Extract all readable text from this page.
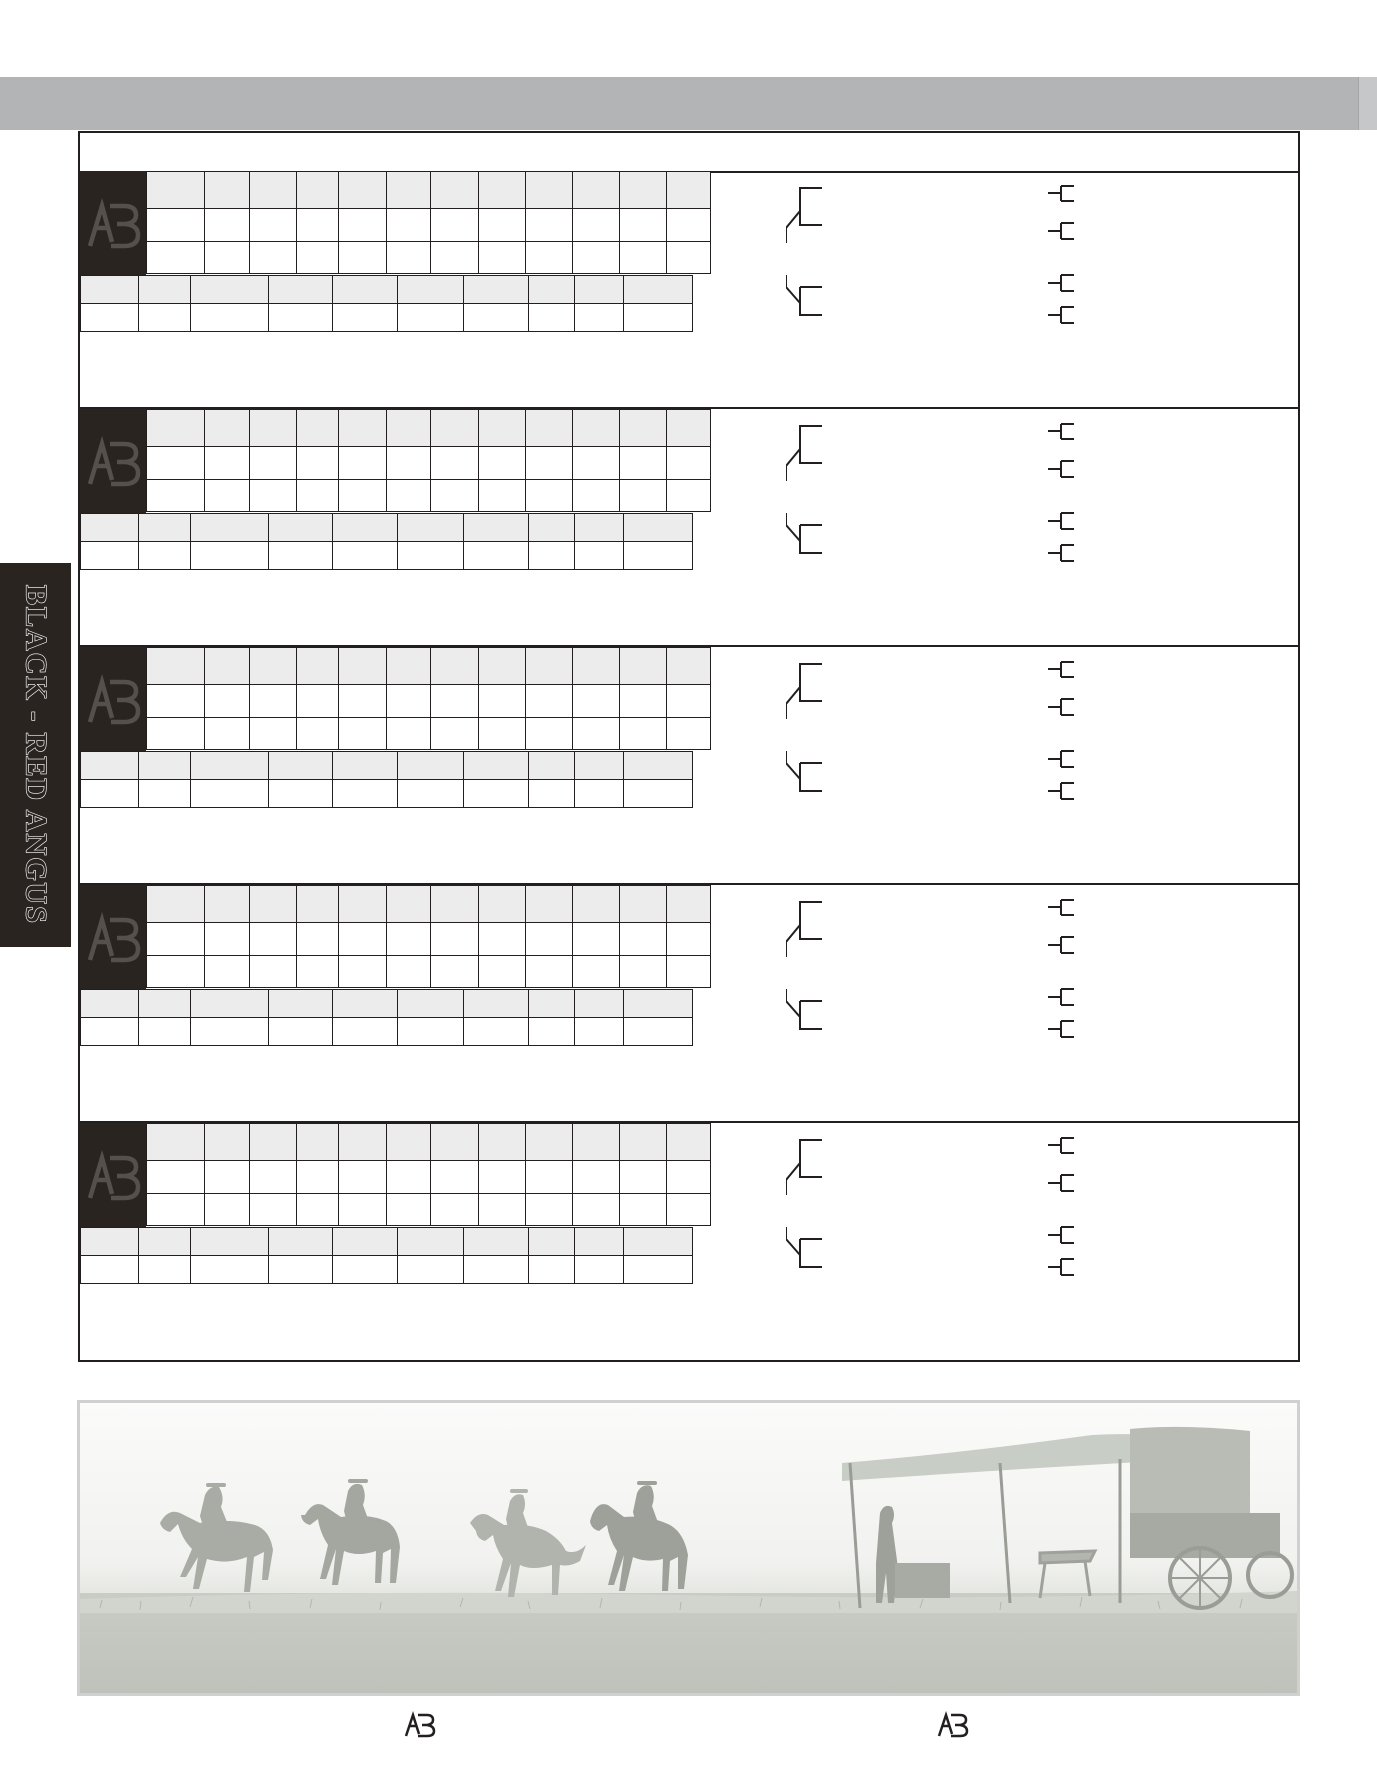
BLACK - RED ANGUS
